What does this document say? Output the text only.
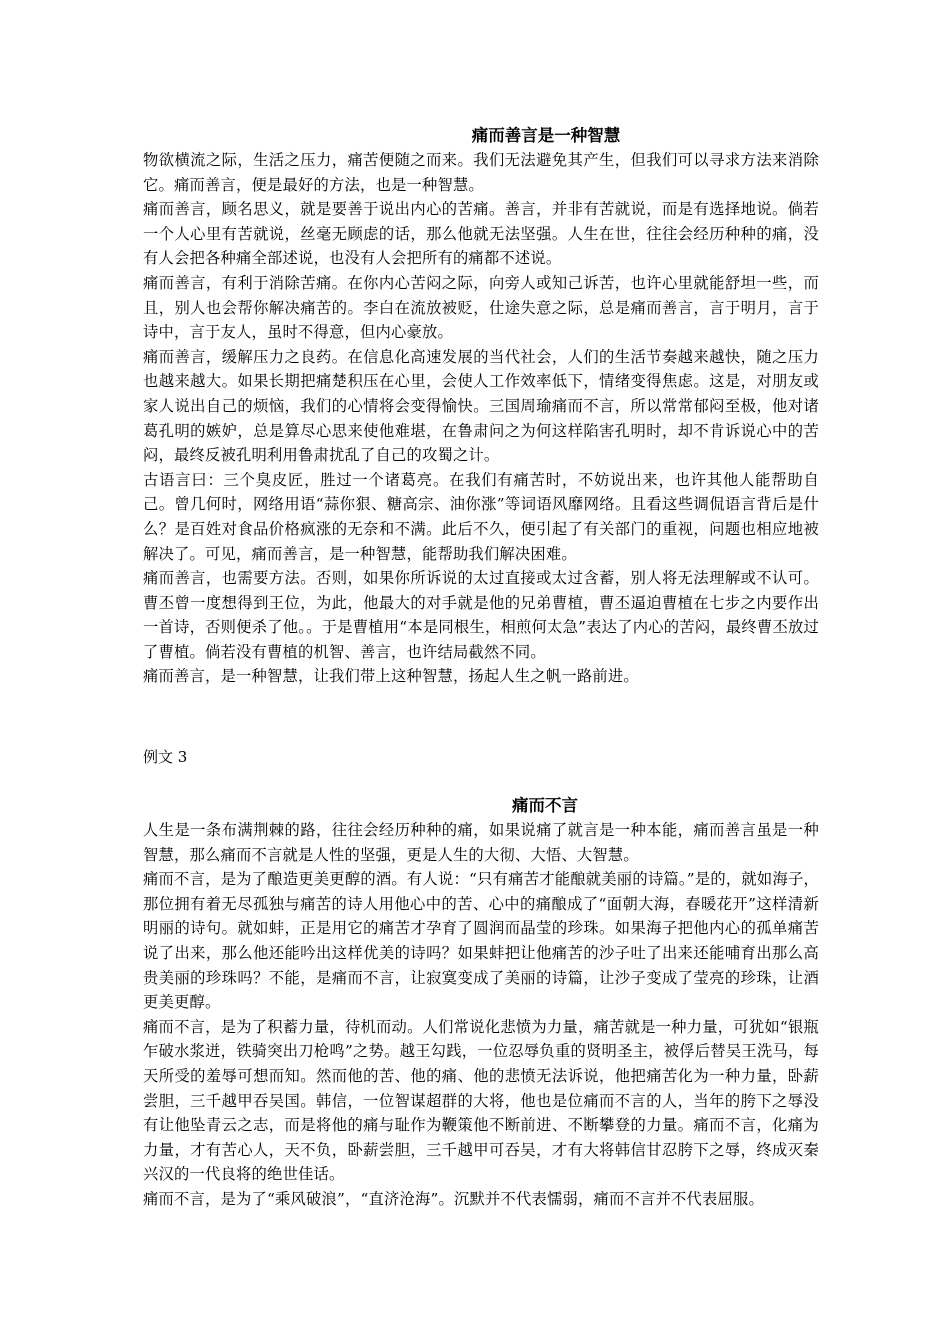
痛而善言是一种智慧

物欲横流之际，生活之压力，痛苦便随之而来。我们无法避免其产生，但我们可以寻求方法来消除它。痛而善言，便是最好的方法，也是一种智慧。

痛而善言，顾名思义，就是要善于说出内心的苦痛。善言，并非有苦就说，而是有选择地说。倘若一个人心里有苦就说，丝毫无顾虑的话，那么他就无法坚强。人生在世，往往会经历种种的痛，没有人会把各种痛全部述说，也没有人会把所有的痛都不述说。

痛而善言，有利于消除苦痛。在你内心苦闷之际，向旁人或知己诉苦，也许心里就能舒坦一些，而且，别人也会帮你解决痛苦的。李白在流放被贬，仕途失意之际，总是痛而善言，言于明月，言于诗中，言于友人，虽时不得意，但内心豪放。

痛而善言，缓解压力之良药。在信息化高速发展的当代社会，人们的生活节奏越来越快，随之压力也越来越大。如果长期把痛楚积压在心里，会使人工作效率低下，情绪变得焦虑。这是，对朋友或家人说出自己的烦恼，我们的心情将会变得愉快。三国周瑜痛而不言，所以常常郁闷至极，他对诸葛孔明的嫉妒，总是算尽心思来使他难堪，在鲁肃问之为何这样陷害孔明时，却不肯诉说心中的苦闷，最终反被孔明利用鲁肃扰乱了自己的攻蜀之计。

古语言曰：三个臭皮匠，胜过一个诸葛亮。在我们有痛苦时，不妨说出来，也许其他人能帮助自己。曾几何时，网络用语“蒜你狠、糖高宗、油你涨”等词语风靡网络。且看这些调侃语言背后是什么？是百姓对食品价格疯涨的无奈和不满。此后不久，便引起了有关部门的重视，问题也相应地被解决了。可见，痛而善言，是一种智慧，能帮助我们解决困难。

痛而善言，也需要方法。否则，如果你所诉说的太过直接或太过含蓄，别人将无法理解或不认可。曹丕曾一度想得到王位，为此，他最大的对手就是他的兄弟曹植，曹丕逼迫曹植在七步之内要作出一首诗，否则便杀了他。。于是曹植用“本是同根生，相煎何太急”表达了内心的苦闷，最终曹丕放过了曹植。倘若没有曹植的机智、善言，也许结局截然不同。

痛而善言，是一种智慧，让我们带上这种智慧，扬起人生之帆一路前进。

例文 3

痛而不言

人生是一条布满荆棘的路，往往会经历种种的痛，如果说痛了就言是一种本能，痛而善言虽是一种智慧，那么痛而不言就是人性的坚强，更是人生的大彻、大悟、大智慧。

痛而不言，是为了酿造更美更醇的酒。有人说：“只有痛苦才能酿就美丽的诗篇。”是的，就如海子，那位拥有着无尽孤独与痛苦的诗人用他心中的苦、心中的痛酿成了“面朝大海，春暖花开”这样清新明丽的诗句。就如蚌，正是用它的痛苦才孕育了圆润而晶莹的珍珠。如果海子把他内心的孤单痛苦说了出来，那么他还能吟出这样优美的诗吗？如果蚌把让他痛苦的沙子吐了出来还能哺育出那么高贵美丽的珍珠吗？不能，是痛而不言，让寂寞变成了美丽的诗篇，让沙子变成了莹亮的珍珠，让酒更美更醇。

痛而不言，是为了积蓄力量，待机而动。人们常说化悲愤为力量，痛苦就是一种力量，可犹如“银瓶乍破水浆迸，铁骑突出刀枪鸣”之势。越王勾践，一位忍辱负重的贤明圣主，被俘后替吴王洗马，每天所受的羞辱可想而知。然而他的苦、他的痛、他的悲愤无法诉说，他把痛苦化为一种力量，卧薪尝胆，三千越甲吞吴国。韩信，一位智谋超群的大将，他也是位痛而不言的人，当年的胯下之辱没有让他坠青云之志，而是将他的痛与耻作为鞭策他不断前进、不断攀登的力量。痛而不言，化痛为力量，才有苦心人，天不负，卧薪尝胆，三千越甲可吞吴，才有大将韩信甘忍胯下之辱，终成灭秦兴汉的一代良将的绝世佳话。

痛而不言，是为了“乘风破浪”，“直济沧海”。沉默并不代表懦弱，痛而不言并不代表屈服。
